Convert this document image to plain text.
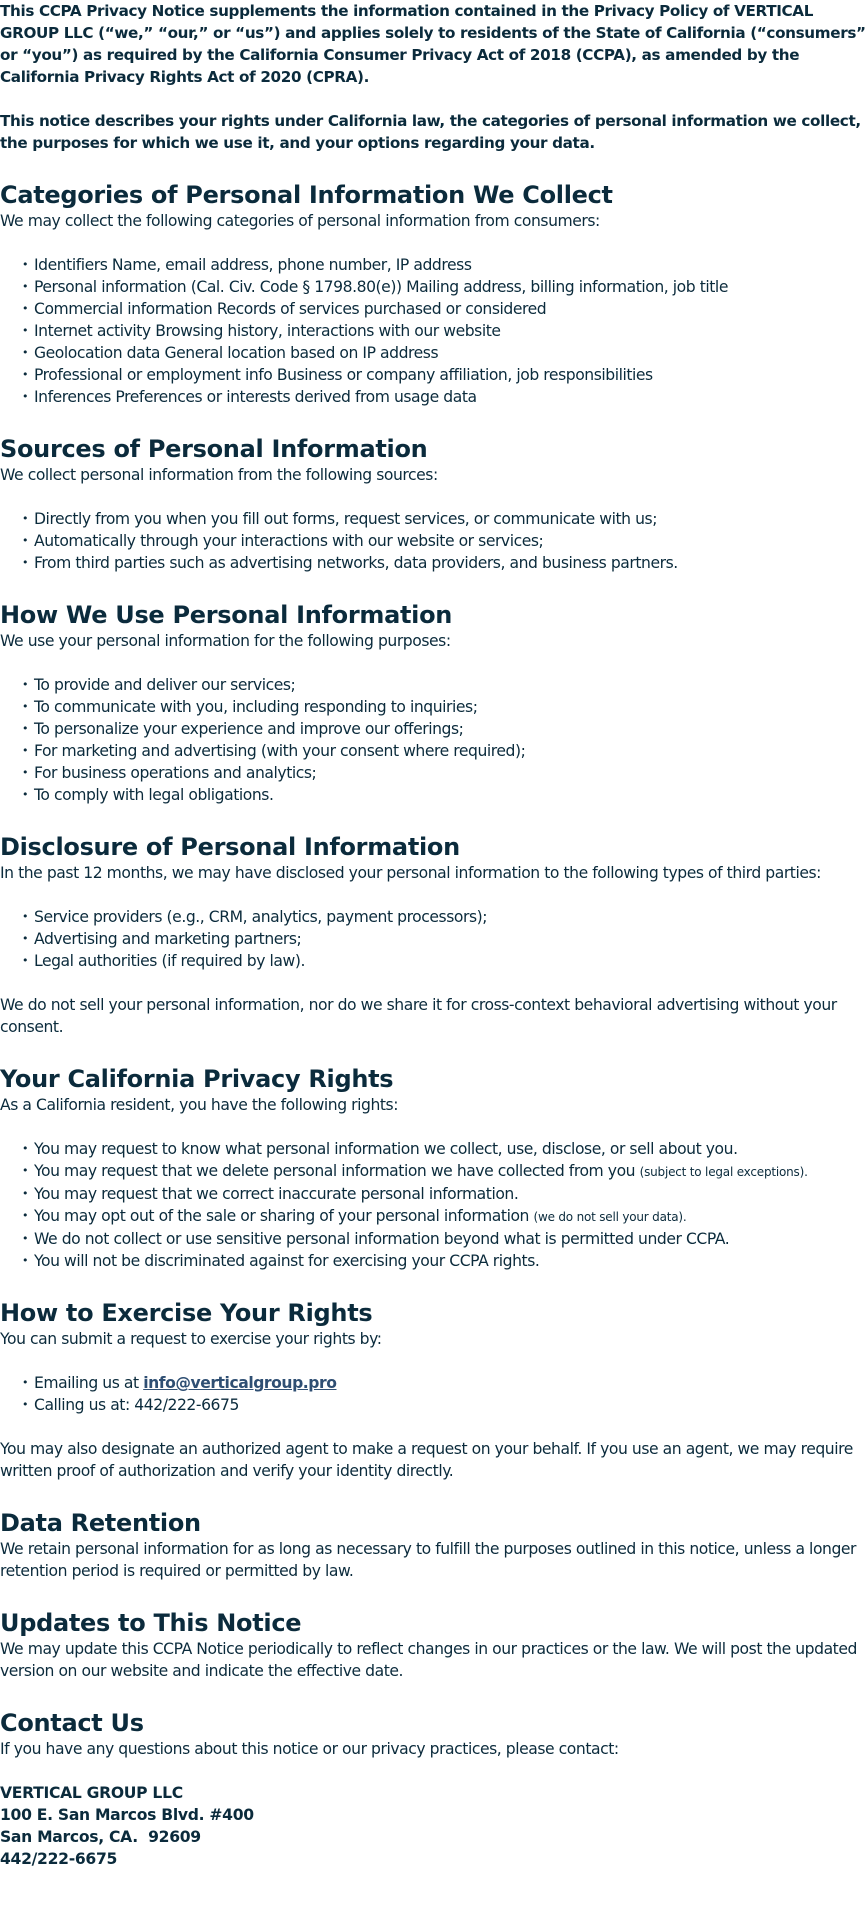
This CCPA Privacy Notice supplements the information contained in the Privacy Policy of VERTICAL GROUP LLC (“we,” “our,” or “us”) and applies solely to residents of the State of California (“consumers” or “you”) as required by the California Consumer Privacy Act of 2018 (CCPA), as amended by the California Privacy Rights Act of 2020 (CPRA).

This notice describes your rights under California law, the categories of personal information we collect, the purposes for which we use it, and your options regarding your data.

Categories of Personal Information We Collect

We may collect the following categories of personal information from consumers:

• Identifiers Name, email address, phone number, IP address
• Personal information (Cal. Civ. Code § 1798.80(e)) Mailing address, billing information, job title
• Commercial information Records of services purchased or considered
• Internet activity Browsing history, interactions with our website
• Geolocation data General location based on IP address
• Professional or employment info Business or company affiliation, job responsibilities
• Inferences Preferences or interests derived from usage data
Sources of Personal Information

We collect personal information from the following sources:

• Directly from you when you fill out forms, request services, or communicate with us;
• Automatically through your interactions with our website or services;
• From third parties such as advertising networks, data providers, and business partners.
How We Use Personal Information

We use your personal information for the following purposes:

• To provide and deliver our services;
• To communicate with you, including responding to inquiries;
• To personalize your experience and improve our offerings;
• For marketing and advertising (with your consent where required);
• For business operations and analytics;
• To comply with legal obligations.
Disclosure of Personal Information

In the past 12 months, we may have disclosed your personal information to the following types of third parties:

• Service providers (e.g., CRM, analytics, payment processors);
• Advertising and marketing partners;
• Legal authorities (if required by law).

We do not sell your personal information, nor do we share it for cross-context behavioral advertising without your consent.

Your California Privacy Rights

As a California resident, you have the following rights:

• You may request to know what personal information we collect, use, disclose, or sell about you.
• You may request that we delete personal information we have collected from you (subject to legal exceptions).
• You may request that we correct inaccurate personal information.
• You may opt out of the sale or sharing of your personal information (we do not sell your data).
• We do not collect or use sensitive personal information beyond what is permitted under CCPA.
• You will not be discriminated against for exercising your CCPA rights.
How to Exercise Your Rights

You can submit a request to exercise your rights by:

• Emailing us at info@verticalgroup.pro
• Calling us at: 442/222-6675

You may also designate an authorized agent to make a request on your behalf. If you use an agent, we may require written proof of authorization and verify your identity directly.

Data Retention

We retain personal information for as long as necessary to fulfill the purposes outlined in this notice, unless a longer retention period is required or permitted by law.

Updates to This Notice

We may update this CCPA Notice periodically to reflect changes in our practices or the law. We will post the updated version on our website and indicate the effective date.

Contact Us

If you have any questions about this notice or our privacy practices, please contact:

VERTICAL GROUP LLC
100 E. San Marcos Blvd. #400
San Marcos, CA.  92609
442/222-6675
